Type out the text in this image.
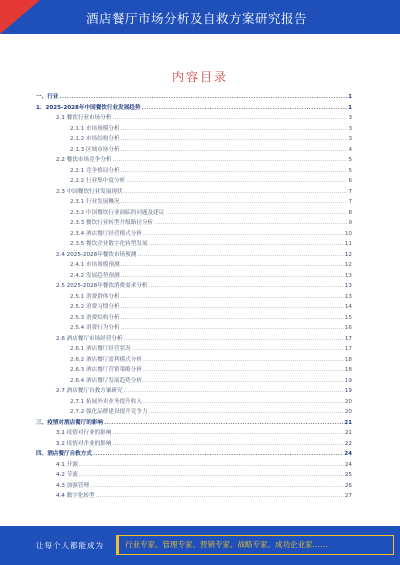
酒店餐厅市场分析及自救方案研究报告
内容目录
一、行业 .....	1
1．2025-2028年中国餐饮行业发展趋势 .....	1
2.1 餐饮行业市场分析 .....	3
2.1.1 市场规模分析 .....	3
2.1.2 市场结构分析 .....	3
2.1.3 区域市场分析 .....	4
2.2 餐饮市场竞争分析 .....	5
2.2.1 竞争格局分析 .....	5
2.2.2 行业集中度分析 .....	6
2.3 中国餐饮行业发展现状 .....	7
2.3.1 行业发展概况 .....	7
2.3.2 中国餐饮行业面临的问题及建议 .....	8
2.3.3 餐饮行业转型升级路径分析 .....	9
2.3.4 酒店餐厅经营模式分析 .....	10
2.3.5 餐饮企业数字化转型发展 .....	11
2.4 2025-2028年餐饮市场预测 .....	12
2.4.1 市场规模预测 .....	12
2.4.2 发展趋势预测 .....	13
2.5 2025-2028年餐饮消费需求分析 .....	13
2.5.1 消费群体分析 .....	13
2.5.2 消费习惯分析 .....	14
2.5.3 消费结构分析 .....	15
2.5.4 消费行为分析 .....	16
2.6 酒店餐厅市场经营分析 .....	17
2.6.1 酒店餐厅经营状况 .....	17
2.6.2 酒店餐厅盈利模式分析 .....	18
2.6.3 酒店餐厅营销策略分析 .....	18
2.6.4 酒店餐厅发展趋势分析 .....	19
2.7 酒店餐厅自救方案研究 .....	19
2.7.1 拓展外卖业务提升收入 .....	20
2.7.2 强化品牌建设提升竞争力 .....	20
三、疫情对酒店餐厅的影响 .....	21
3.1 疫情对行业的影响 .....	21
3.2 疫情对企业的影响 .....	22
四、酒店餐厅自救方式 .....	24
4.1 开源 .....	24
4.2 节流 .....	25
4.3 加强管理 .....	26
4.4 数字化转型 .....	27
让每个人都能成为	行业专家、管理专家、营销专家、战略专家、成功企业家……
